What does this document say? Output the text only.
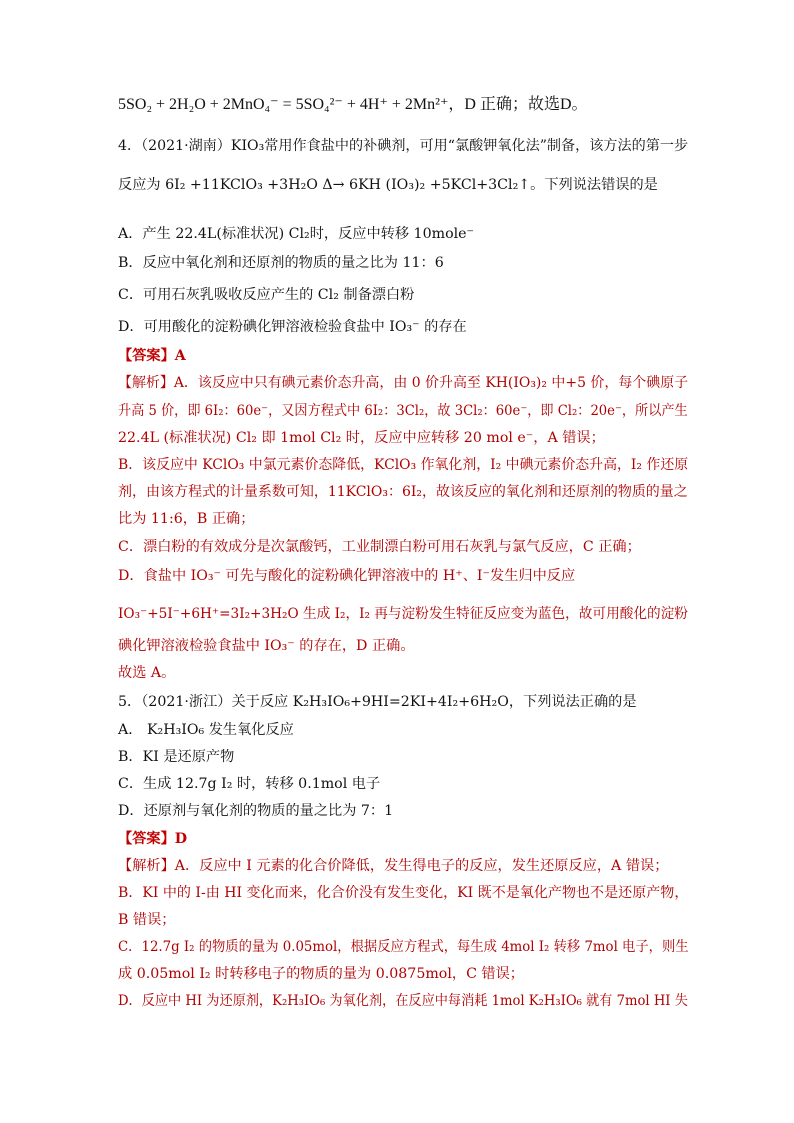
5SO₂ + 2H₂O + 2MnO₄⁻ = 5SO₄²⁻ + 4H⁺ + 2Mn²⁺，D 正确；故选D。
4．（2021·湖南）KIO₃常用作食盐中的补碘剂，可用“氯酸钾氧化法”制备，该方法的第一步
反应为 6I₂ +11KClO₃ +3H₂O Δ→ 6KH (IO₃)₂ +5KCl+3Cl₂↑。下列说法错误的是
A．产生 22.4L(标准状况) Cl₂时，反应中转移 10mole⁻
B．反应中氧化剂和还原剂的物质的量之比为 11：6
C．可用石灰乳吸收反应产生的 Cl₂ 制备漂白粉
D．可用酸化的淀粉碘化钾溶液检验食盐中 IO₃⁻ 的存在
【答案】A
【解析】A．该反应中只有碘元素价态升高，由 0 价升高至 KH(IO₃)₂ 中+5 价，每个碘原子
升高 5 价，即 6I₂：60e⁻，又因方程式中 6I₂：3Cl₂，故 3Cl₂：60e⁻，即 Cl₂：20e⁻，所以产生
22.4L (标准状况) Cl₂ 即 1mol Cl₂ 时，反应中应转移 20 mol e⁻，A 错误；
B．该反应中 KClO₃ 中氯元素价态降低，KClO₃ 作氧化剂，I₂ 中碘元素价态升高，I₂ 作还原
剂，由该方程式的计量系数可知，11KClO₃：6I₂，故该反应的氧化剂和还原剂的物质的量之
比为 11:6，B 正确；
C．漂白粉的有效成分是次氯酸钙，工业制漂白粉可用石灰乳与氯气反应，C 正确；
D．食盐中 IO₃⁻ 可先与酸化的淀粉碘化钾溶液中的 H⁺、I⁻发生归中反应
IO₃⁻+5I⁻+6H⁺=3I₂+3H₂O 生成 I₂，I₂ 再与淀粉发生特征反应变为蓝色，故可用酸化的淀粉
碘化钾溶液检验食盐中 IO₃⁻ 的存在，D 正确。
故选 A。
5．（2021·浙江）关于反应 K₂H₃IO₆+9HI=2KI+4I₂+6H₂O，下列说法正确的是
A． K₂H₃IO₆ 发生氧化反应
B．KI 是还原产物
C．生成 12.7g I₂ 时，转移 0.1mol 电子
D．还原剂与氧化剂的物质的量之比为 7：1
【答案】D
【解析】A．反应中 I 元素的化合价降低，发生得电子的反应，发生还原反应，A 错误；
B．KI 中的 I-由 HI 变化而来，化合价没有发生变化，KI 既不是氧化产物也不是还原产物，
B 错误；
C．12.7g I₂ 的物质的量为 0.05mol，根据反应方程式，每生成 4mol I₂ 转移 7mol 电子，则生
成 0.05mol I₂ 时转移电子的物质的量为 0.0875mol，C 错误；
D．反应中 HI 为还原剂，K₂H₃IO₆ 为氧化剂，在反应中每消耗 1mol K₂H₃IO₆ 就有 7mol HI 失
